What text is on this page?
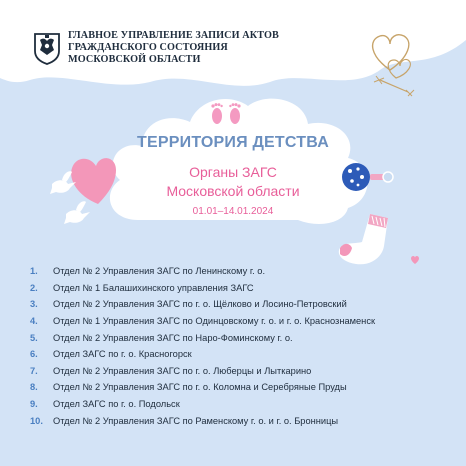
ГЛАВНОЕ УПРАВЛЕНИЕ ЗАПИСИ АКТОВ
ГРАЖДАНСКОГО СОСТОЯНИЯ
МОСКОВСКОЙ ОБЛАСТИ
ТЕРРИТОРИЯ ДЕТСТВА
Органы ЗАГС
Московской области
01.01–14.01.2024
1.	Отдел № 2 Управления ЗАГС по Ленинскому г. о.
2.	Отдел № 1 Балашихинского управления ЗАГС
3.	Отдел № 2 Управления ЗАГС по г. о. Щёлково и Лосино-Петровский
4.	Отдел № 1 Управления ЗАГС по Одинцовскому г. о. и г. о. Краснознаменск
5.	Отдел № 2 Управления ЗАГС по Наро-Фоминскому г. о.
6.	Отдел ЗАГС по г. о. Красногорск
7.	Отдел № 2 Управления ЗАГС по г. о. Люберцы и Лыткарино
8.	Отдел № 2 Управления ЗАГС по г. о. Коломна и Серебряные Пруды
9.	Отдел ЗАГС по г. о. Подольск
10.	Отдел № 2 Управления ЗАГС по Раменскому г. о. и г. о. Бронницы
